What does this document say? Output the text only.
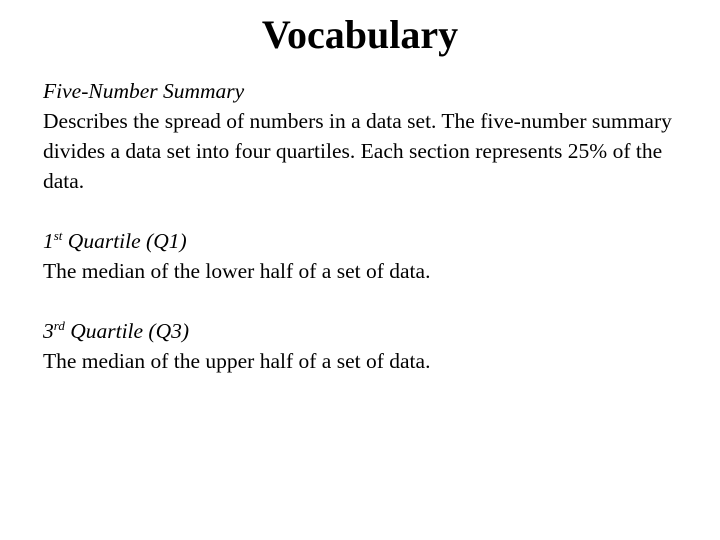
Vocabulary
Five-Number Summary
Describes the spread of numbers in a data set. The five-number summary divides a data set into four quartiles. Each section represents 25% of the data.
1st Quartile (Q1)
The median of the lower half of a set of data.
3rd Quartile (Q3)
The median of the upper half of a set of data.
